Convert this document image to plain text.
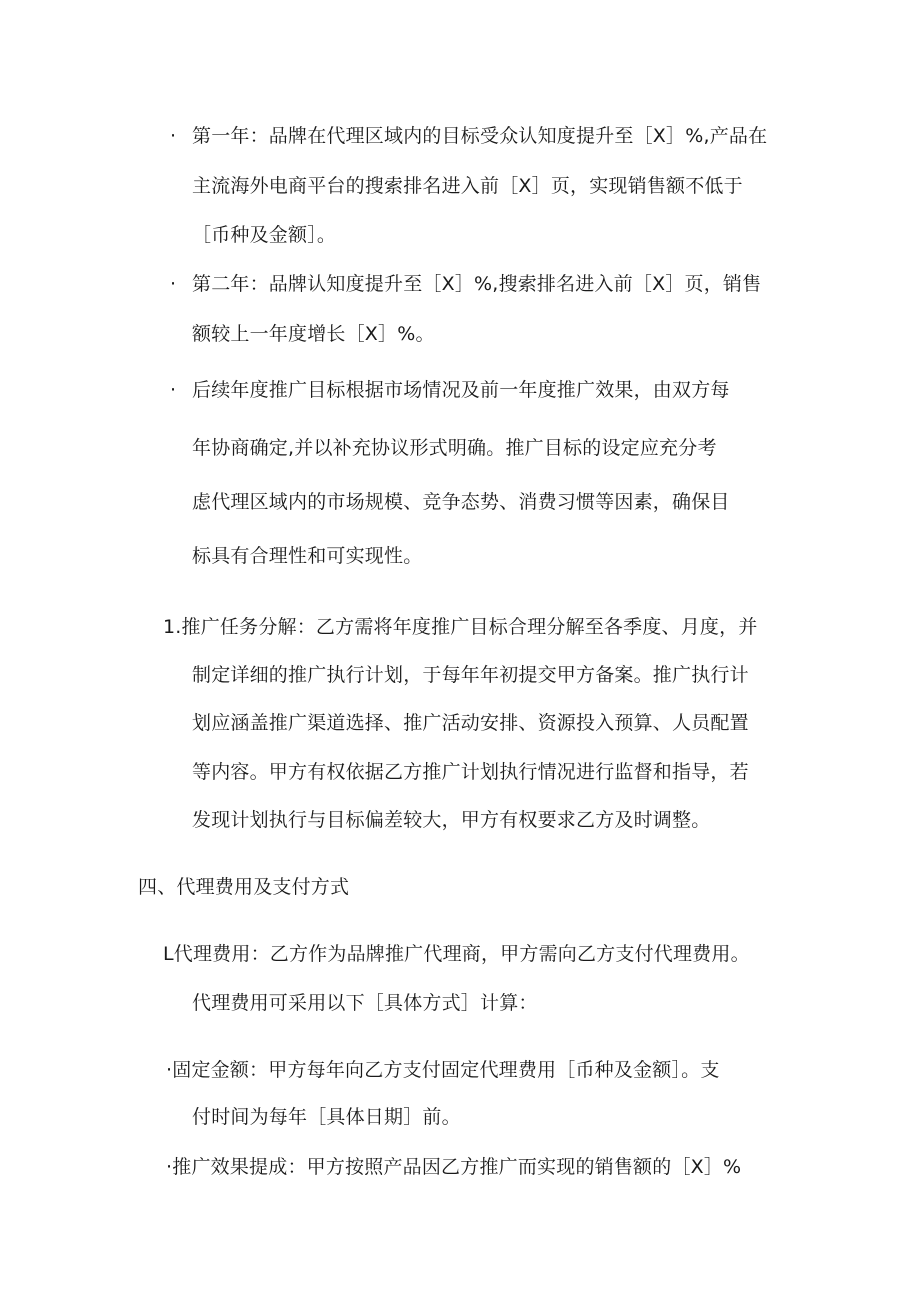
· 第一年：品牌在代理区域内的目标受众认知度提升至［X］%,产品在
主流海外电商平台的搜索排名进入前［X］页，实现销售额不低于
［币种及金额］。
· 第二年：品牌认知度提升至［X］%,搜索排名进入前［X］页，销售
额较上一年度增长［X］%。
· 后续年度推广目标根据市场情况及前一年度推广效果，由双方每
年协商确定,并以补充协议形式明确。推广目标的设定应充分考
虑代理区域内的市场规模、竞争态势、消费习惯等因素，确保目
标具有合理性和可实现性。
1.推广任务分解：乙方需将年度推广目标合理分解至各季度、月度，并
制定详细的推广执行计划，于每年年初提交甲方备案。推广执行计
划应涵盖推广渠道选择、推广活动安排、资源投入预算、人员配置
等内容。甲方有权依据乙方推广计划执行情况进行监督和指导，若
发现计划执行与目标偏差较大，甲方有权要求乙方及时调整。
四、代理费用及支付方式
L代理费用：乙方作为品牌推广代理商，甲方需向乙方支付代理费用。
代理费用可采用以下［具体方式］计算：
·固定金额：甲方每年向乙方支付固定代理费用［币种及金额］。支
付时间为每年［具体日期］前。
·推广效果提成：甲方按照产品因乙方推广而实现的销售额的［X］%
